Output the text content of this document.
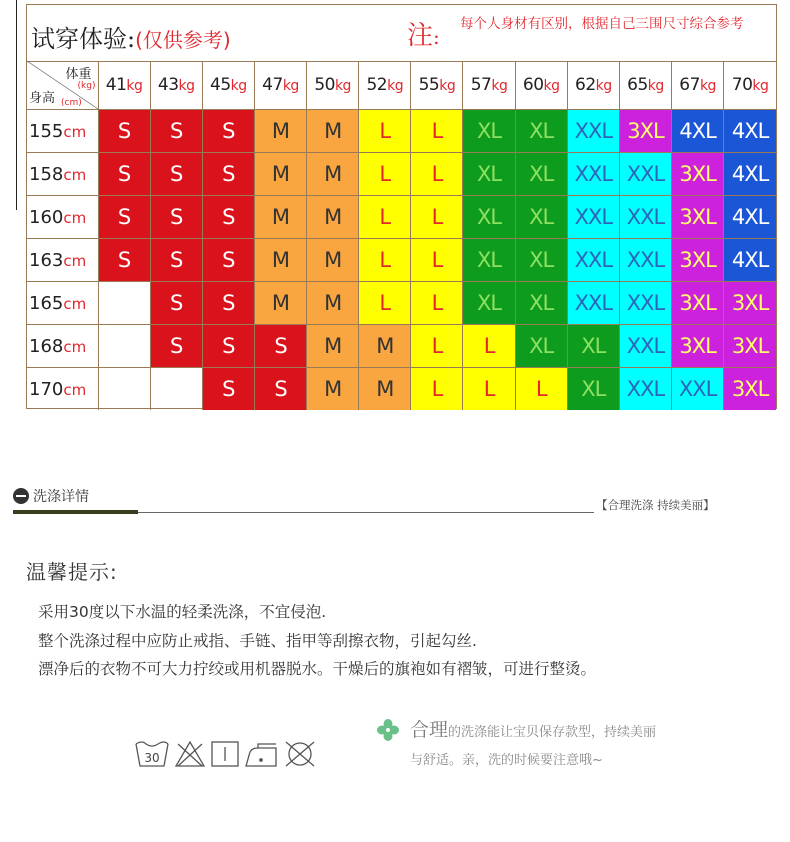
试穿体验:(仅供参考)	注:
每个人身材有区别，根据自己三围尺寸综合参考
体重
(kg)
身高 (cm)	41kg	43kg	45kg	47kg	50kg	52kg	55kg	57kg	60kg	62kg	65kg	67kg	70kg
155cm	S	S	S	M	M	L	L	XL	XL	XXL	3XL	4XL	4XL
158cm	S	S	S	M	M	L	L	XL	XL	XXL	XXL	3XL	4XL
160cm	S	S	S	M	M	L	L	XL	XL	XXL	XXL	3XL	4XL
163cm	S	S	S	M	M	L	L	XL	XL	XXL	XXL	3XL	4XL
165cm		S	S	M	M	L	L	XL	XL	XXL	XXL	3XL	3XL
168cm		S	S	S	M	M	L	L	XL	XL	XXL	3XL	3XL
170cm			S	S	M	M	L	L	L	XL	XXL	XXL	3XL
洗涤详情	【合理洗涤 持续美丽】
温馨提示:
采用30度以下水温的轻柔洗涤，不宜侵泡.
整个洗涤过程中应防止戒指、手链、指甲等刮擦衣物，引起勾丝.
漂净后的衣物不可大力拧绞或用机器脱水。干燥后的旗袍如有褶皱，可进行整烫。
30
合理的洗涤能让宝贝保存款型，持续美丽
与舒适。亲，洗的时候要注意哦~
